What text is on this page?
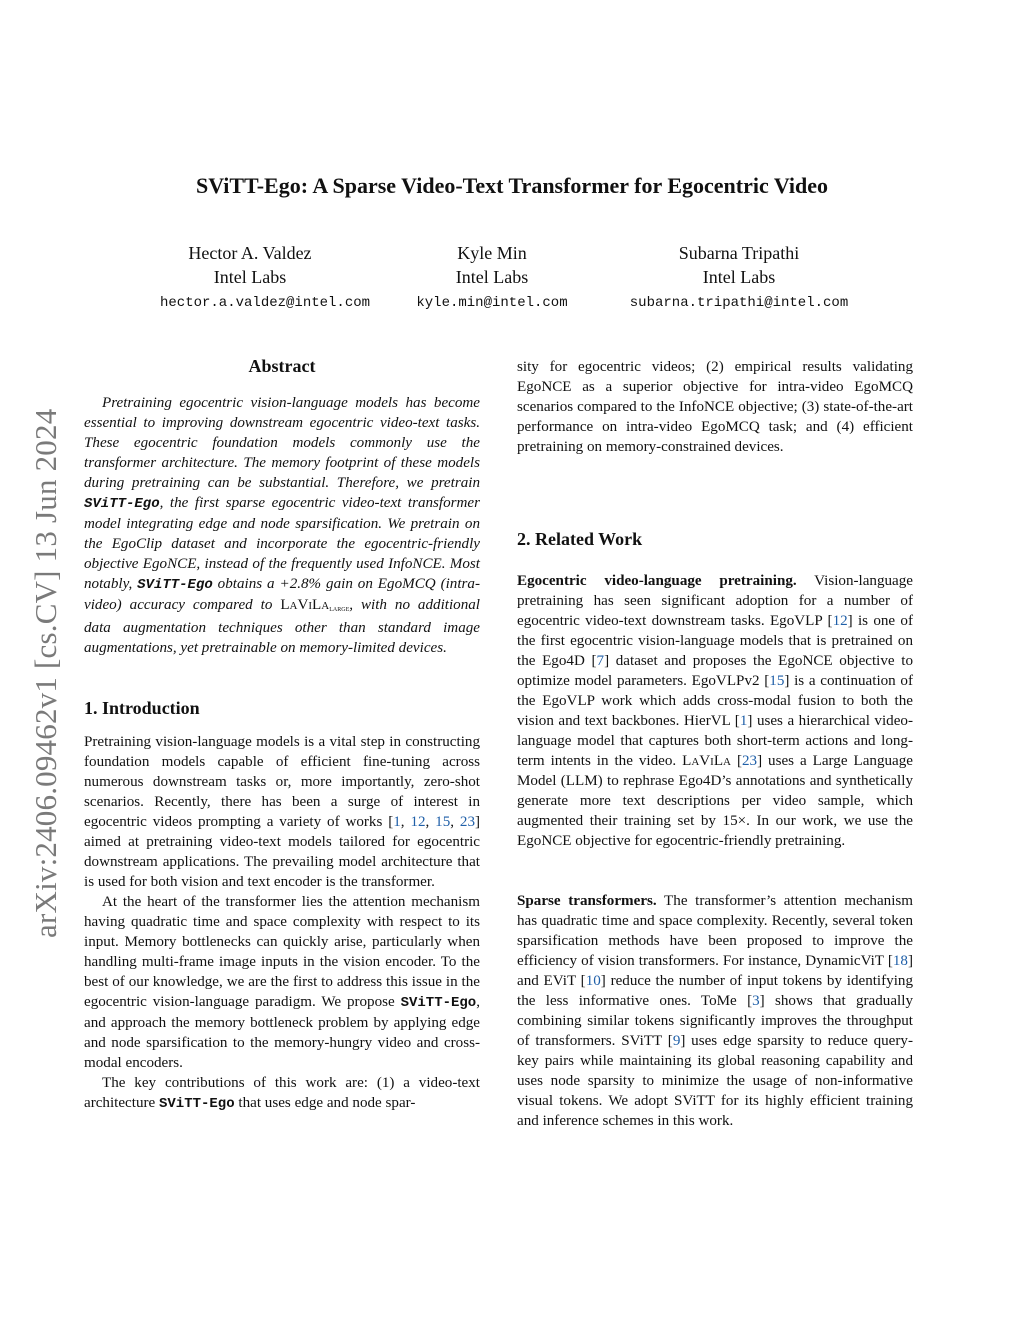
arXiv:2406.09462v1 [cs.CV] 13 Jun 2024
SViTT-Ego: A Sparse Video-Text Transformer for Egocentric Video
Hector A. Valdez
Intel Labs
hector.a.valdez@intel.com
Kyle Min
Intel Labs
kyle.min@intel.com
Subarna Tripathi
Intel Labs
subarna.tripathi@intel.com
Abstract

Pretraining egocentric vision-language models has become essential to improving downstream egocentric video-text tasks. These egocentric foundation models commonly use the transformer architecture. The memory footprint of these models during pretraining can be substantial. Therefore, we pretrain SViTT-Ego, the first sparse egocentric video-text transformer model integrating edge and node sparsification. We pretrain on the EgoClip dataset and incorporate the egocentric-friendly objective EgoNCE, instead of the frequently used InfoNCE. Most notably, SViTT-Ego obtains a +2.8% gain on EgoMCQ (intra-video) accuracy compared to LaViLa$_{large}$, with no additional data augmentation techniques other than standard image augmentations, yet pretrainable on memory-limited devices.

1. Introduction

Pretraining vision-language models is a vital step in constructing foundation models capable of efficient fine-tuning across numerous downstream tasks or, more importantly, zero-shot scenarios. Recently, there has been a surge of interest in egocentric videos prompting a variety of works [1, 12, 15, 23] aimed at pretraining video-text models tailored for egocentric downstream applications. The prevailing model architecture that is used for both vision and text encoder is the transformer.

At the heart of the transformer lies the attention mechanism having quadratic time and space complexity with respect to its input. Memory bottlenecks can quickly arise, particularly when handling multi-frame image inputs in the vision encoder. To the best of our knowledge, we are the first to address this issue in the egocentric vision-language paradigm. We propose SViTT-Ego, and approach the memory bottleneck problem by applying edge and node sparsification to the memory-hungry video and cross-modal encoders.

The key contributions of this work are: (1) a video-text architecture SViTT-Ego that uses edge and node spar-

sity for egocentric videos; (2) empirical results validating EgoNCE as a superior objective for intra-video EgoMCQ scenarios compared to the InfoNCE objective; (3) state-of-the-art performance on intra-video EgoMCQ task; and (4) efficient pretraining on memory-constrained devices.

2. Related Work

Egocentric video-language pretraining. Vision-language pretraining has seen significant adoption for a number of egocentric video-text downstream tasks. EgoVLP [12] is one of the first egocentric vision-language models that is pretrained on the Ego4D [7] dataset and proposes the EgoNCE objective to optimize model parameters. EgoVLPv2 [15] is a continuation of the EgoVLP work which adds cross-modal fusion to both the vision and text backbones. HierVL [1] uses a hierarchical video-language model that captures both short-term actions and long-term intents in the video. LaViLa [23] uses a Large Language Model (LLM) to rephrase Ego4D’s annotations and synthetically generate more text descriptions per video sample, which augmented their training set by 15×. In our work, we use the EgoNCE objective for egocentric-friendly pretraining.

Sparse transformers. The transformer’s attention mechanism has quadratic time and space complexity. Recently, several token sparsification methods have been proposed to improve the efficiency of vision transformers. For instance, DynamicViT [18] and EViT [10] reduce the number of input tokens by identifying the less informative ones. ToMe [3] shows that gradually combining similar tokens significantly improves the throughput of transformers. SViTT [9] uses edge sparsity to reduce query-key pairs while maintaining its global reasoning capability and uses node sparsity to minimize the usage of non-informative visual tokens. We adopt SViTT for its highly efficient training and inference schemes in this work.
